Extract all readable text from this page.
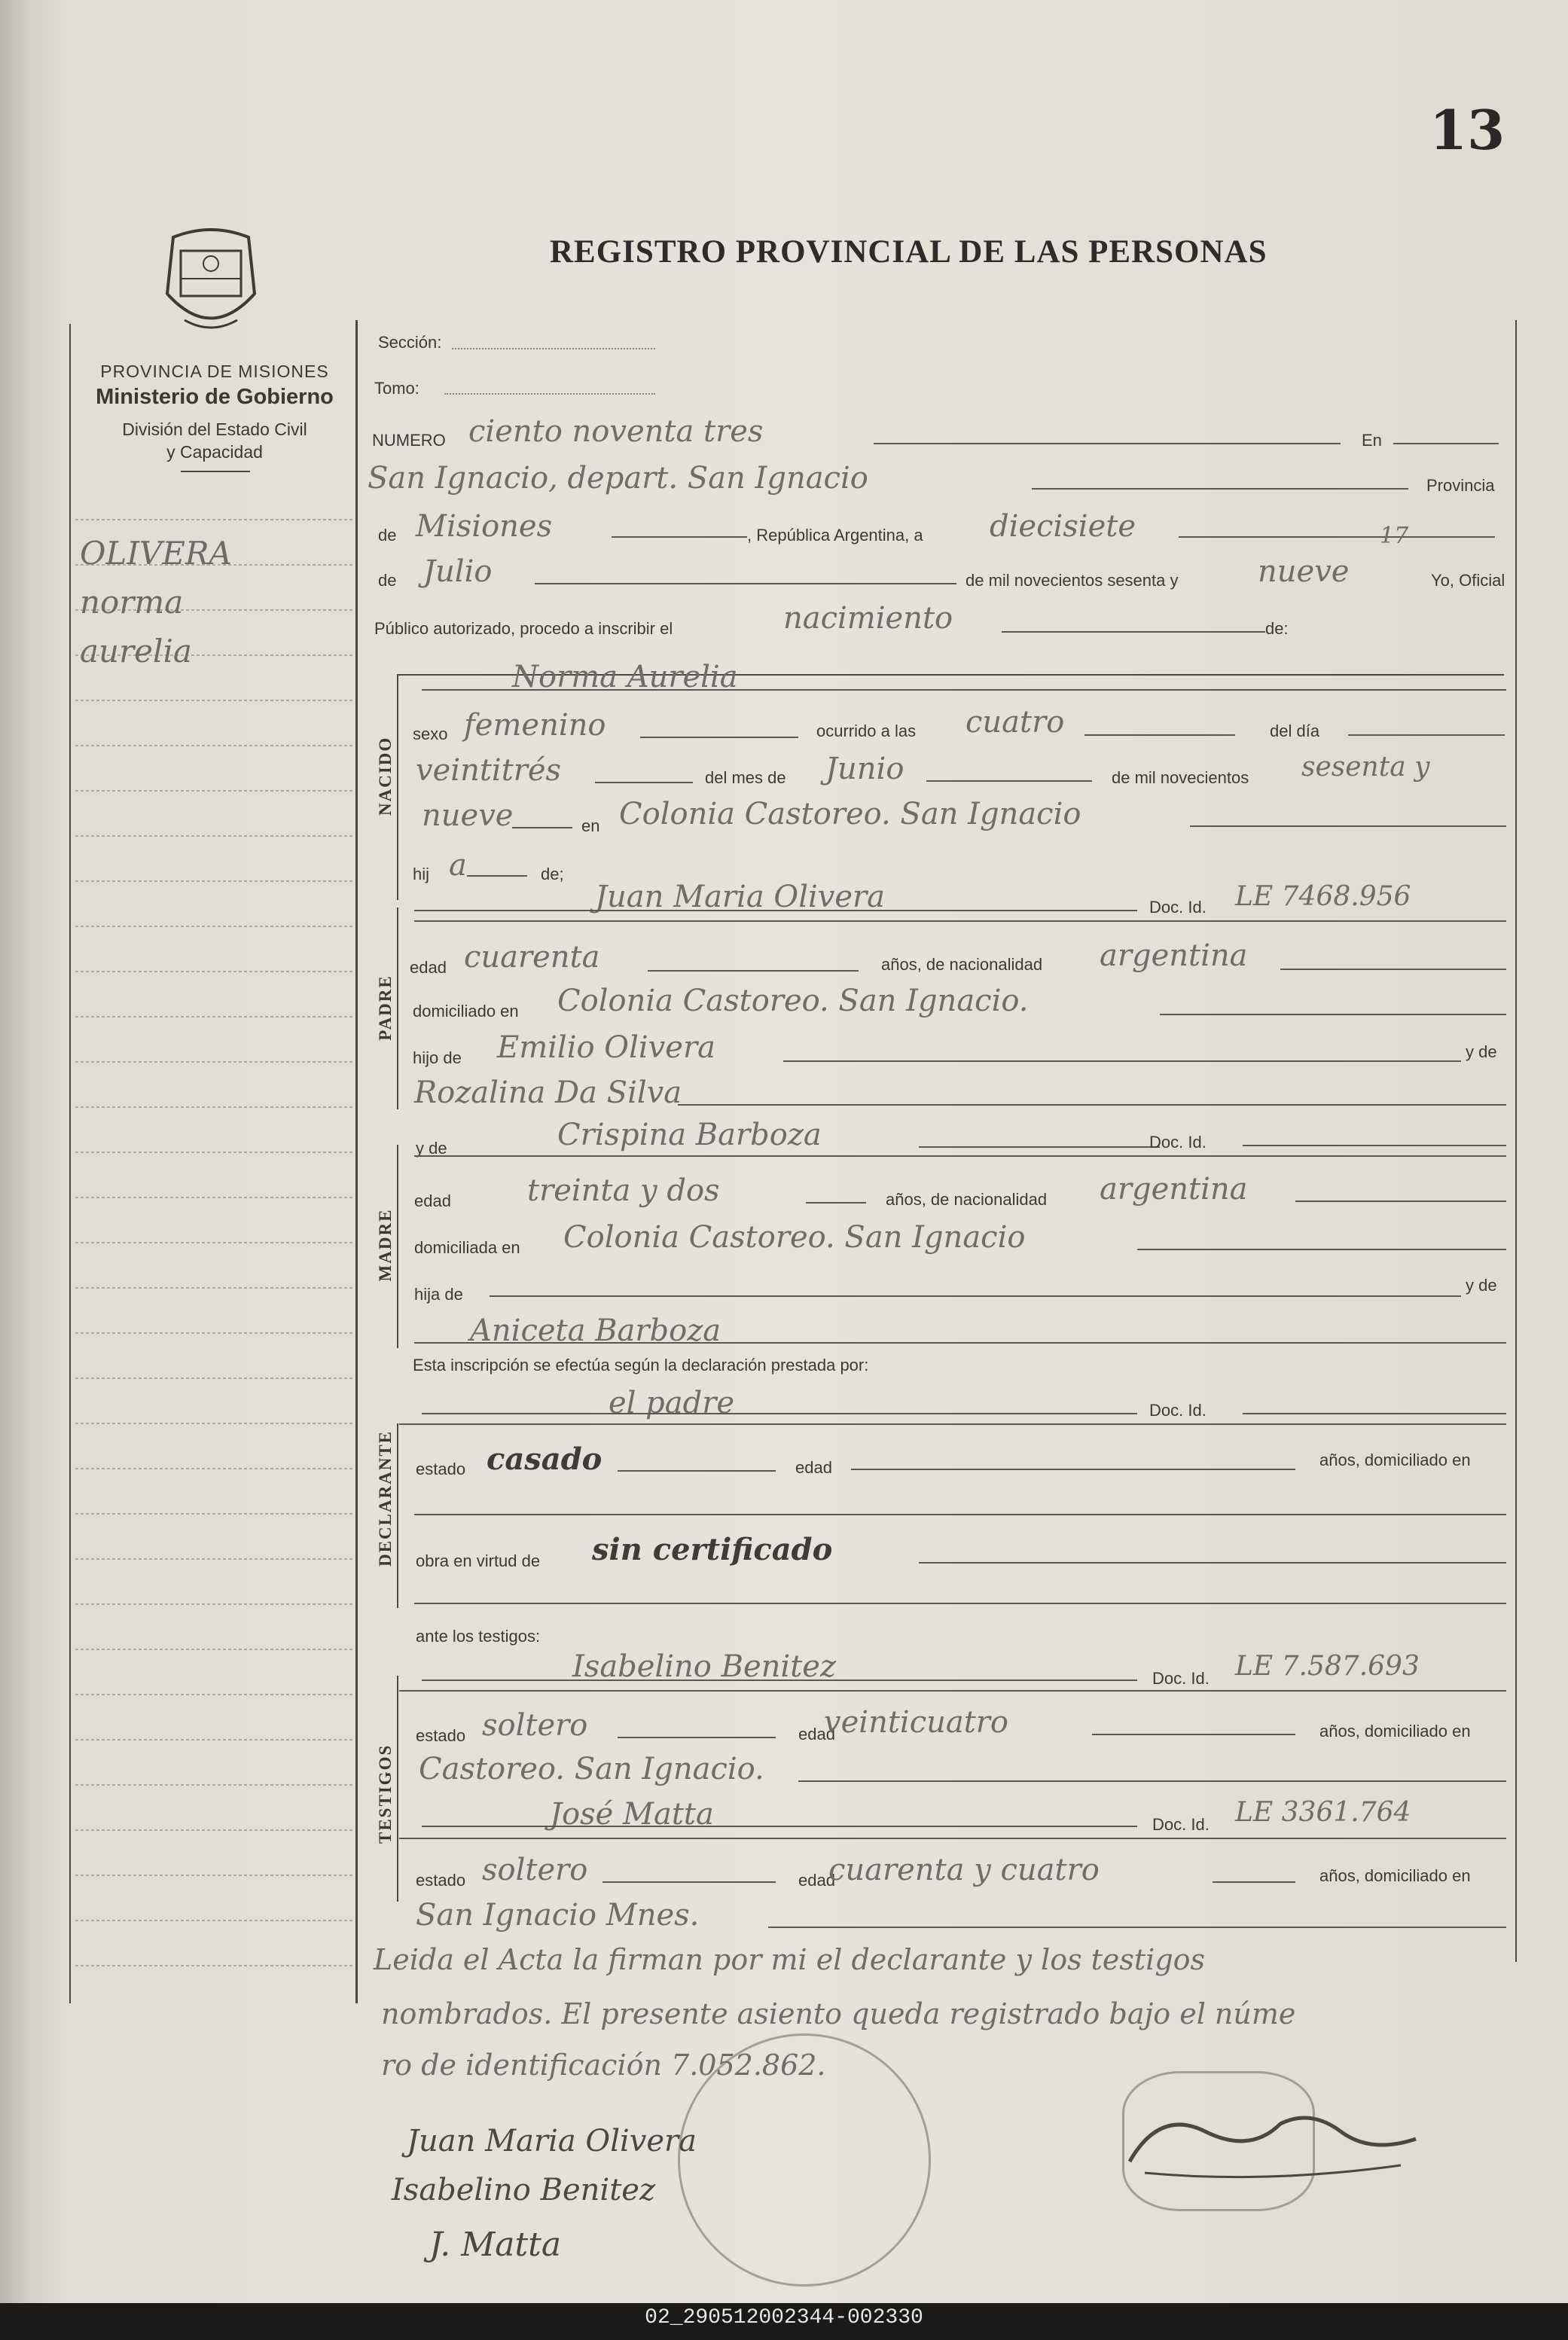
13
REGISTRO PROVINCIAL DE LAS PERSONAS
PROVINCIA DE MISIONES
Ministerio de Gobierno
División del Estado Civil
y Capacidad
OLIVERA
norma
aurelia
Sección:
Tomo:
NUMERO ciento noventa tres	En
San Ignacio, depart. San Ignacio	Provincia
de Misiones	, República Argentina, a diecisiete	17
de Julio	de mil novecientos sesenta y	nueve	Yo, Oficial
Público autorizado, procedo a inscribir el	nacimiento	de:
NACIDO
Norma Aurelia
sexo femenino	ocurrido a las cuatro	del día
veintitrés	del mes de Junio	de mil novecientos sesenta y
nueve	en Colonia Castoreo. San Ignacio
hij a	de;
PADRE
Juan Maria Olivera	Doc. Id. LE 7468.956
edad cuarenta	años, de nacionalidad argentina
domiciliado en Colonia Castoreo. San Ignacio.
hijo de Emilio Olivera	y de
Rozalina Da Silva
MADRE
y de	Crispina Barboza	Doc. Id.
edad	treinta y dos	años, de nacionalidad argentina
domiciliada en Colonia Castoreo. San Ignacio
hija de	y de
Aniceta Barboza
Esta inscripción se efectúa según la declaración prestada por:
el padre	Doc. Id.
DECLARANTE estado casado	edad	años, domiciliado en
obra en virtud de sin certificado
ante los testigos:
Isabelino Benitez	Doc. Id. LE 7.587.693
TESTIGOS
estado soltero	edad
veinticuatro	años, domiciliado en
Castoreo. San Ignacio.
José Matta	Doc. Id. LE 3361.764
estado soltero	edad
cuarenta y cuatro	años, domiciliado en
San Ignacio Mnes.
Leida el Acta la firman por mi el declarante y los testigos
nombrados. El presente asiento queda registrado bajo el núme
ro de identificación 7.052.862.
Juan Maria Olivera
Isabelino Benitez
J. Matta
02_290512002344-002330
